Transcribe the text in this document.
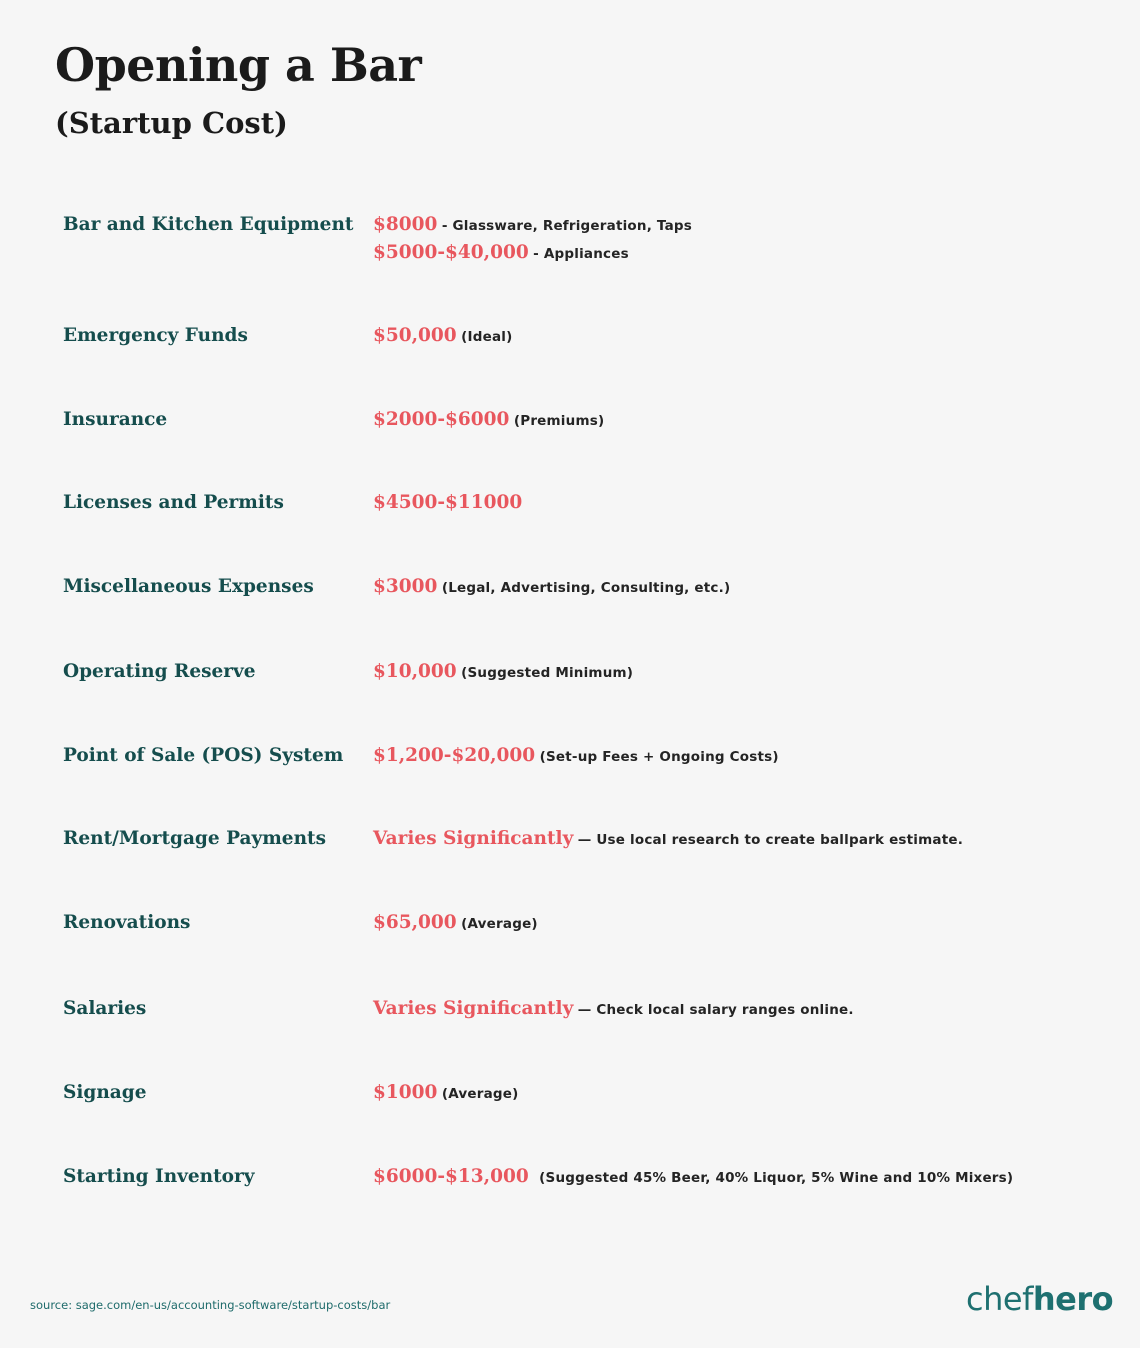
Opening a Bar
(Startup Cost)
Bar and Kitchen Equipment	$8000 - Glassware, Refrigeration, Taps
$5000-$40,000 - Appliances
Emergency Funds	$50,000 (Ideal)
Insurance	$2000-$6000 (Premiums)
Licenses and Permits	$4500-$11000
Miscellaneous Expenses	$3000 (Legal, Advertising, Consulting, etc.)
Operating Reserve	$10,000 (Suggested Minimum)
Point of Sale (POS) System	$1,200-$20,000 (Set-up Fees + Ongoing Costs)
Rent/Mortgage Payments	Varies Significantly — Use local research to create ballpark estimate.
Renovations	$65,000 (Average)
Salaries	Varies Significantly — Check local salary ranges online.
Signage	$1000 (Average)
Starting Inventory	$6000-$13,000 (Suggested 45% Beer, 40% Liquor, 5% Wine and 10% Mixers)
source: sage.com/en-us/accounting-software/startup-costs/bar	chefhero
